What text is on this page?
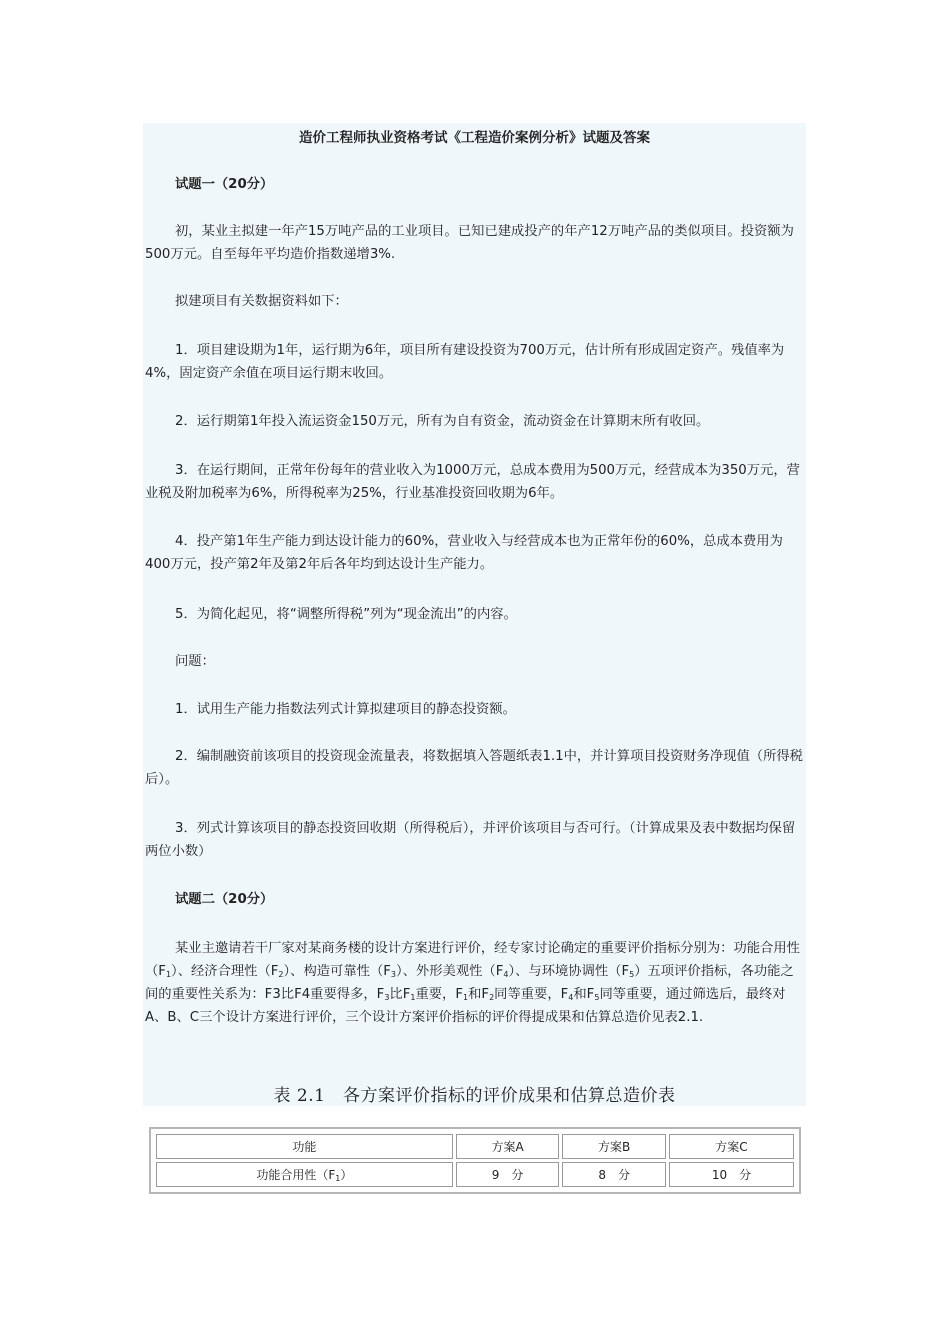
造价工程师执业资格考试《工程造价案例分析》试题及答案

试题一（20分）

初，某业主拟建一年产15万吨产品的工业项目。已知已建成投产的年产12万吨产品的类似项目。投资额为500万元。自至每年平均造价指数递增3%.

拟建项目有关数据资料如下：

1．项目建设期为1年，运行期为6年，项目所有建设投资为700万元，估计所有形成固定资产。残值率为4%，固定资产余值在项目运行期末收回。

2．运行期第1年投入流运资金150万元，所有为自有资金，流动资金在计算期末所有收回。

3．在运行期间，正常年份每年的营业收入为1000万元，总成本费用为500万元，经营成本为350万元，营业税及附加税率为6%，所得税率为25%，行业基准投资回收期为6年。

4．投产第1年生产能力到达设计能力的60%，营业收入与经营成本也为正常年份的60%，总成本费用为400万元，投产第2年及第2年后各年均到达设计生产能力。

5．为简化起见，将“调整所得税”列为“现金流出”的内容。

问题：

1．试用生产能力指数法列式计算拟建项目的静态投资额。

2．编制融资前该项目的投资现金流量表，将数据填入答题纸表1.1中，并计算项目投资财务净现值（所得税后）。

3．列式计算该项目的静态投资回收期（所得税后），并评价该项目与否可行。（计算成果及表中数据均保留两位小数）

试题二（20分）

某业主邀请若干厂家对某商务楼的设计方案进行评价，经专家讨论确定的重要评价指标分别为：功能合用性$(F_1)$、经济合理性$(F_2)$、构造可靠性$(F_3)$、外形美观性$(F_4)$、与环境协调性$(F_5)$五项评价指标，各功能之间的重要性关系为：F3比F4重要得多，$F_3$比$F_1$重要，$F_1$和$F_2$同等重要，$F_4$和$F_5$同等重要，通过筛选后，最终对A、B、C三个设计方案进行评价，三个设计方案评价指标的评价得提成果和估算总造价见表2.1.

表 2.1　各方案评价指标的评价成果和估算总造价表
功能	方案A	方案B	方案C
功能合用性$(F_1)$	9　分	8　分	10　分
